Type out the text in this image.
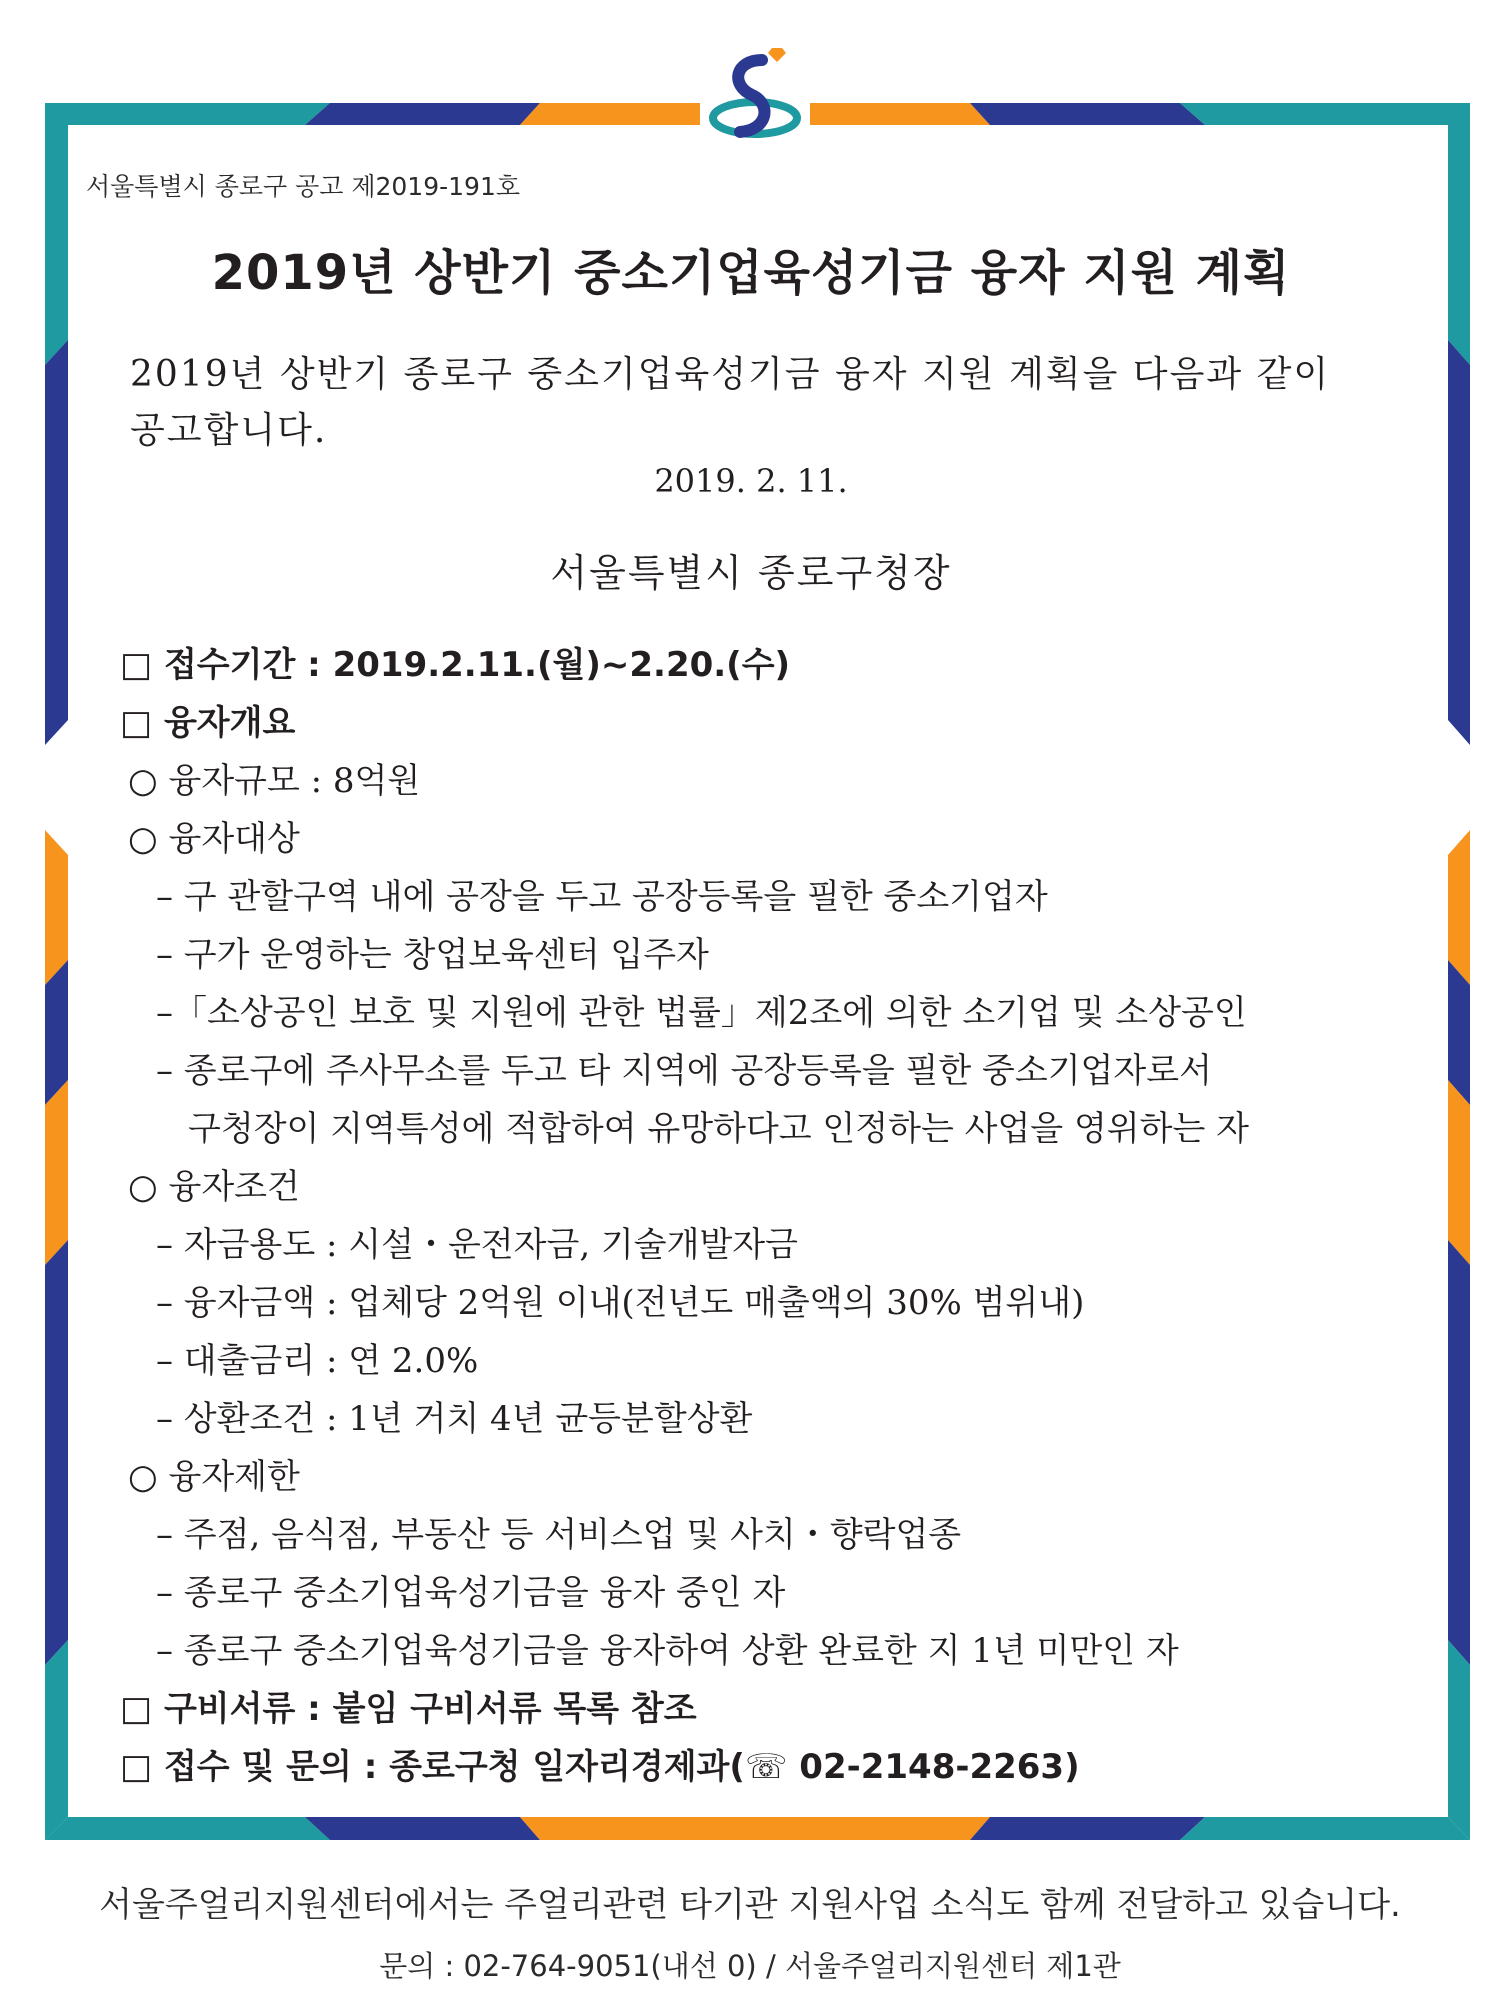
서울특별시 종로구 공고 제2019-191호
2019년 상반기 중소기업육성기금 융자 지원 계획
2019년 상반기 종로구 중소기업육성기금 융자 지원 계획을 다음과 같이
공고합니다.
2019. 2. 11.
서울특별시 종로구청장
□ 접수기간 : 2019.2.11.(월)~2.20.(수)
□ 융자개요
○ 융자규모 : 8억원
○ 융자대상
– 구 관할구역 내에 공장을 두고 공장등록을 필한 중소기업자
– 구가 운영하는 창업보육센터 입주자
–「소상공인 보호 및 지원에 관한 법률」제2조에 의한 소기업 및 소상공인
– 종로구에 주사무소를 두고 타 지역에 공장등록을 필한 중소기업자로서
구청장이 지역특성에 적합하여 유망하다고 인정하는 사업을 영위하는 자
○ 융자조건
– 자금용도 : 시설・운전자금, 기술개발자금
– 융자금액 : 업체당 2억원 이내(전년도 매출액의 30% 범위내)
– 대출금리 : 연 2.0%
– 상환조건 : 1년 거치 4년 균등분할상환
○ 융자제한
– 주점, 음식점, 부동산 등 서비스업 및 사치・향락업종
– 종로구 중소기업육성기금을 융자 중인 자
– 종로구 중소기업육성기금을 융자하여 상환 완료한 지 1년 미만인 자
□ 구비서류 : 붙임 구비서류 목록 참조
□ 접수 및 문의 : 종로구청 일자리경제과(☏ 02-2148-2263)
서울주얼리지원센터에서는 주얼리관련 타기관 지원사업 소식도 함께 전달하고 있습니다.
문의 : 02-764-9051(내선 0) / 서울주얼리지원센터 제1관
